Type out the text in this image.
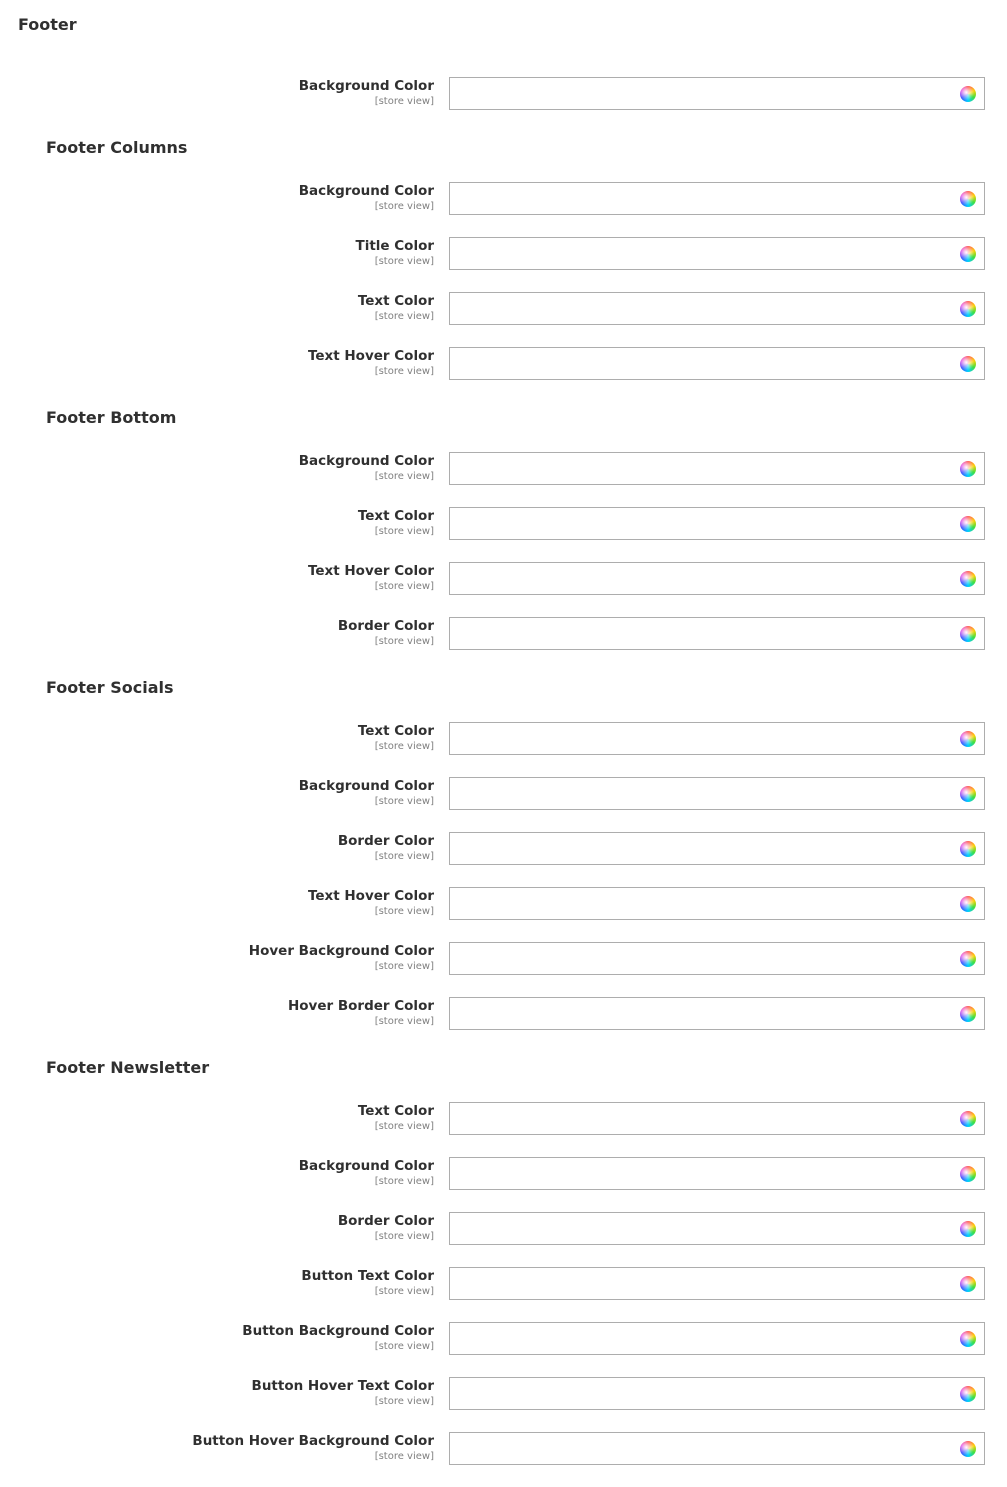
Footer
Background Color
[store view]
Footer Columns
Background Color
[store view]
Title Color
[store view]
Text Color
[store view]
Text Hover Color
[store view]
Footer Bottom
Background Color
[store view]
Text Color
[store view]
Text Hover Color
[store view]
Border Color
[store view]
Footer Socials
Text Color
[store view]
Background Color
[store view]
Border Color
[store view]
Text Hover Color
[store view]
Hover Background Color
[store view]
Hover Border Color
[store view]
Footer Newsletter
Text Color
[store view]
Background Color
[store view]
Border Color
[store view]
Button Text Color
[store view]
Button Background Color
[store view]
Button Hover Text Color
[store view]
Button Hover Background Color
[store view]
